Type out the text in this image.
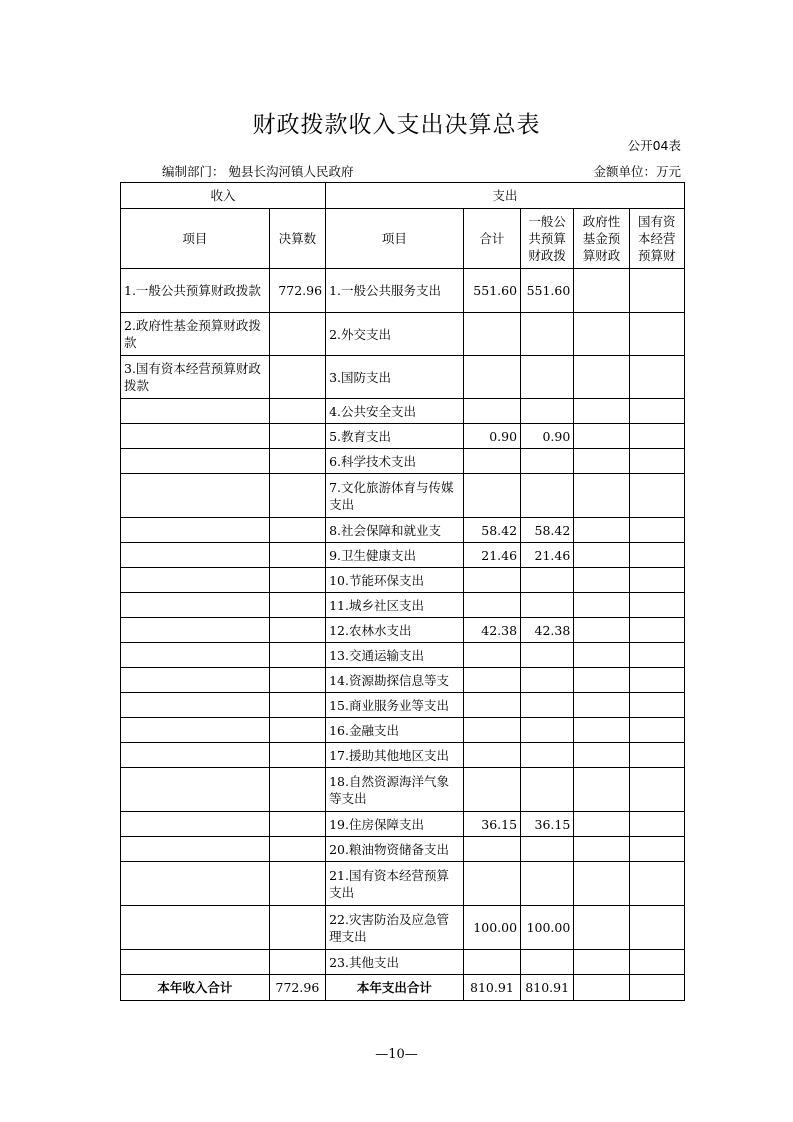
财政拨款收入支出决算总表
公开04表
编制部门： 勉县长沟河镇人民政府	金额单位：万元
收入		支出				
项目	决算数	项目	合计	一般公共预算财政拨	政府性基金预算财政	国有资本经营预算财
1.一般公共预算财政拨款	772.96	1.一般公共服务支出	551.60	551.60		
2.政府性基金预算财政拨款		2.外交支出				
3.国有资本经营预算财政拨款		3.国防支出				
		4.公共安全支出				
		5.教育支出	0.90	0.90		
		6.科学技术支出				
		7.文化旅游体育与传媒支出				
		8.社会保障和就业支	58.42	58.42		
		9.卫生健康支出	21.46	21.46		
		10.节能环保支出				
		11.城乡社区支出				
		12.农林水支出	42.38	42.38		
		13.交通运输支出				
		14.资源勘探信息等支				
		15.商业服务业等支出				
		16.金融支出				
		17.援助其他地区支出				
		18.自然资源海洋气象等支出				
		19.住房保障支出	36.15	36.15		
		20.粮油物资储备支出				
		21.国有资本经营预算支出				
		22.灾害防治及应急管理支出	100.00	100.00		
		23.其他支出				
本年收入合计	772.96	本年支出合计	810.91	810.91		
—10—
